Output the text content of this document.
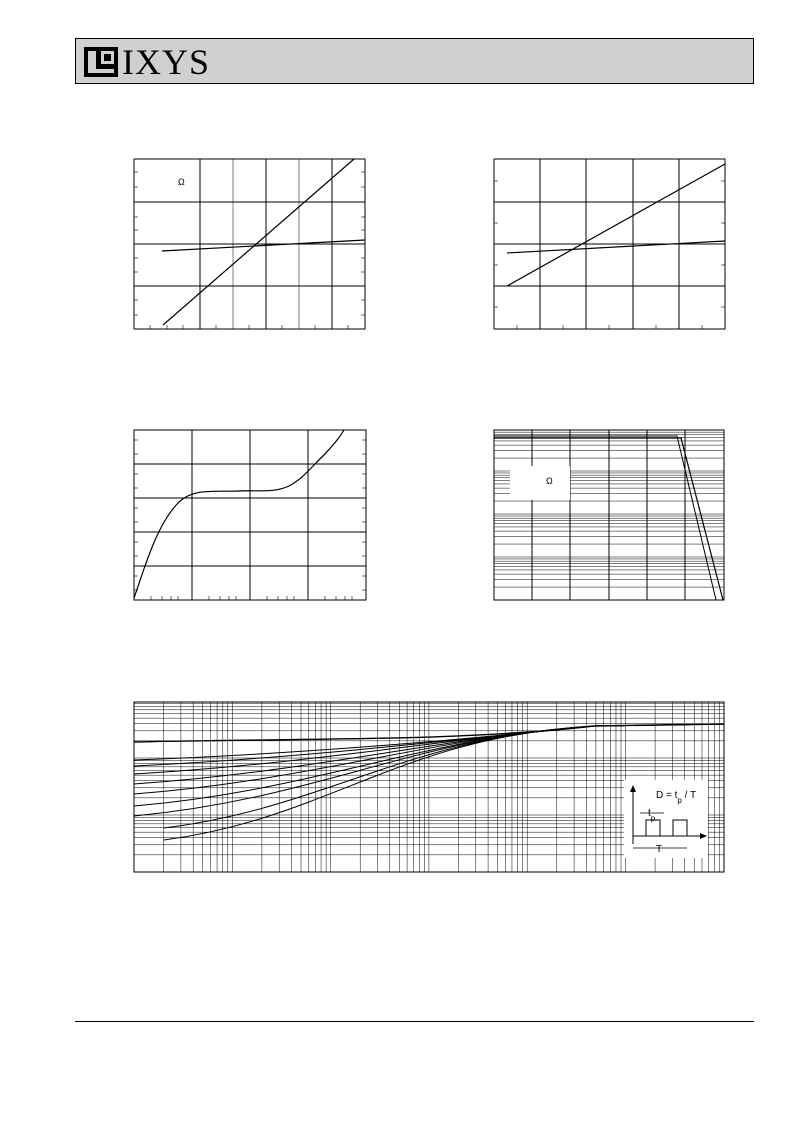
IXYS
Ω
Ω
$D = t_p / T$
$t_p$
T
